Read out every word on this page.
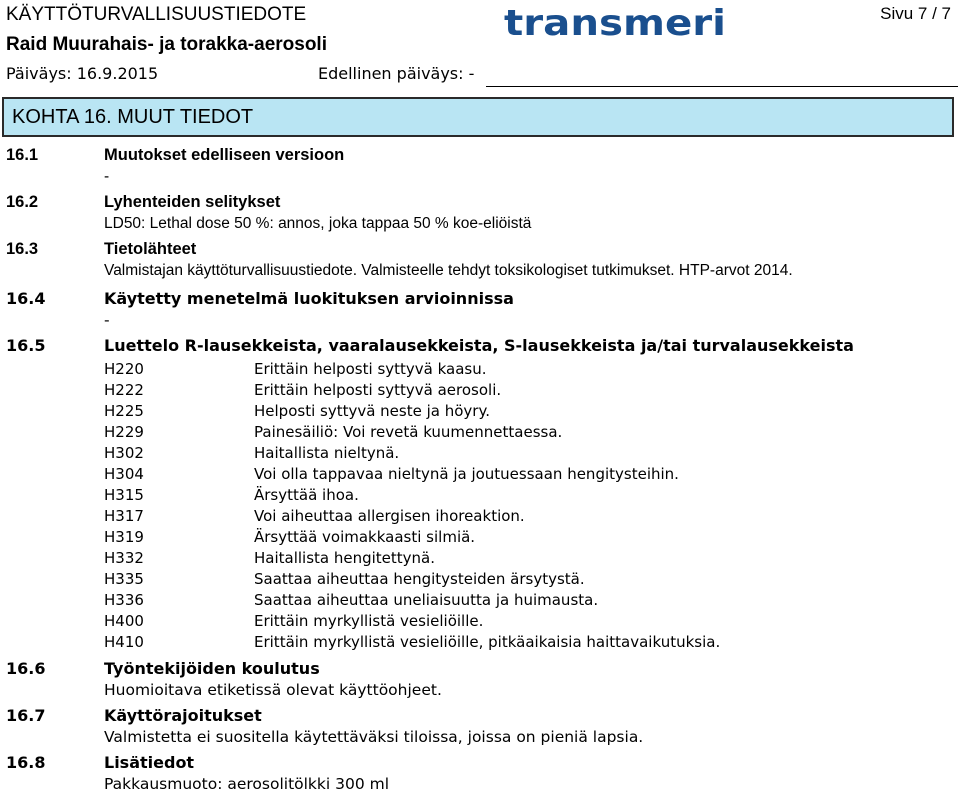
KÄYTTÖTURVALLISUUSTIEDOTE
Raid Muurahais- ja torakka-aerosoli
Päiväys: 16.9.2015	Edellinen päiväys: -
Sivu 7 / 7
transmeri
KOHTA 16. MUUT TIEDOT
16.1	Muutokset edelliseen versioon
-
16.2	Lyhenteiden selitykset
LD50: Lethal dose 50 %: annos, joka tappaa 50 % koe-eliöistä
16.3	Tietolähteet
Valmistajan käyttöturvallisuustiedote. Valmisteelle tehdyt toksikologiset tutkimukset. HTP-arvot 2014.
16.4	Käytetty menetelmä luokituksen arvioinnissa
-
16.5	Luettelo R-lausekkeista, vaaralausekkeista, S-lausekkeista ja/tai turvalausekkeista
H220	Erittäin helposti syttyvä kaasu.
H222	Erittäin helposti syttyvä aerosoli.
H225	Helposti syttyvä neste ja höyry.
H229	Painesäiliö: Voi revetä kuumennettaessa.
H302	Haitallista nieltynä.
H304	Voi olla tappavaa nieltynä ja joutuessaan hengitysteihin.
H315	Ärsyttää ihoa.
H317	Voi aiheuttaa allergisen ihoreaktion.
H319	Ärsyttää voimakkaasti silmiä.
H332	Haitallista hengitettynä.
H335	Saattaa aiheuttaa hengitysteiden ärsytystä.
H336	Saattaa aiheuttaa uneliaisuutta ja huimausta.
H400	Erittäin myrkyllistä vesieliöille.
H410	Erittäin myrkyllistä vesieliöille, pitkäaikaisia haittavaikutuksia.
16.6	Työntekijöiden koulutus
Huomioitava etiketissä olevat käyttöohjeet.
16.7	Käyttörajoitukset
Valmistetta ei suositella käytettäväksi tiloissa, joissa on pieniä lapsia.
16.8	Lisätiedot
Pakkausmuoto: aerosolitölkki 300 ml
